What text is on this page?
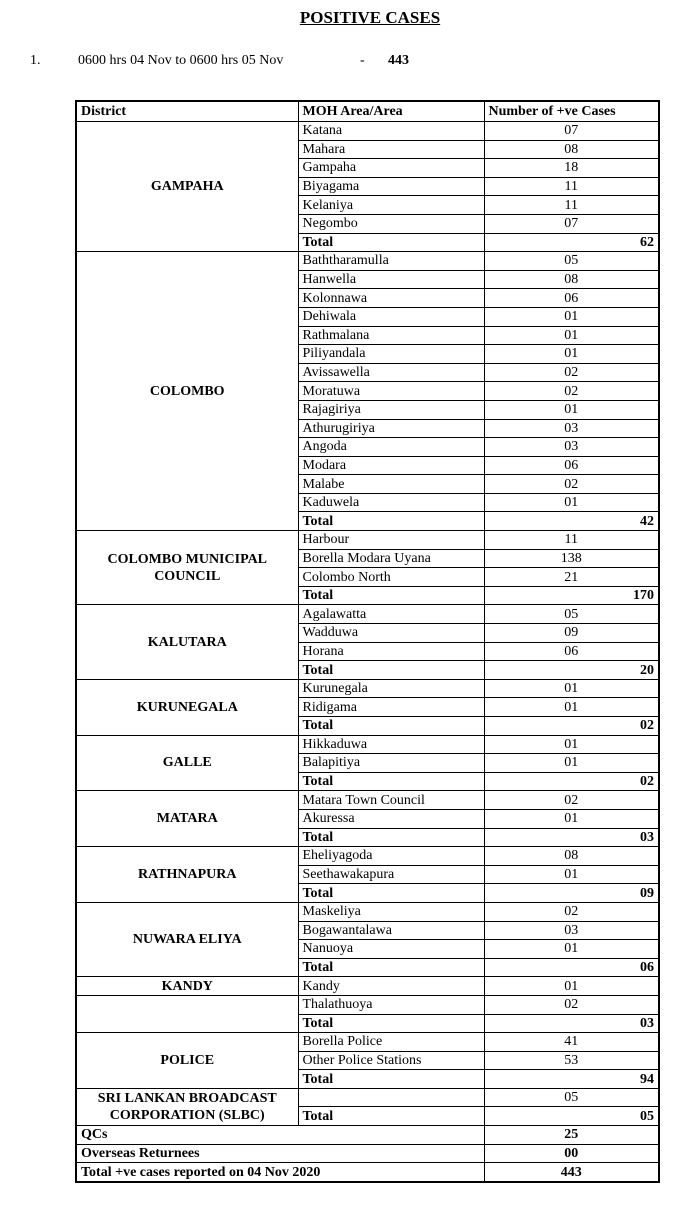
POSITIVE CASES
1.	0600 hrs 04 Nov to 0600 hrs 05 Nov	- 443
District	MOH Area/Area	Number of +ve Cases
GAMPAHA	Katana	07
	Mahara	08
	Gampaha	18
	Biyagama	11
	Kelaniya	11
	Negombo	07
	Total	62
COLOMBO	Baththaramulla	05
	Hanwella	08
	Kolonnawa	06
	Dehiwala	01
	Rathmalana	01
	Piliyandala	01
	Avissawella	02
	Moratuwa	02
	Rajagiriya	01
	Athurugiriya	03
	Angoda	03
	Modara	06
	Malabe	02
	Kaduwela	01
	Total	42
COLOMBO MUNICIPAL COUNCIL	Harbour	11
	Borella Modara Uyana	138
	Colombo North	21
	Total	170
KALUTARA	Agalawatta	05
	Wadduwa	09
	Horana	06
	Total	20
KURUNEGALA	Kurunegala	01
	Ridigama	01
	Total	02
GALLE	Hikkaduwa	01
	Balapitiya	01
	Total	02
MATARA	Matara Town Council	02
	Akuressa	01
	Total	03
RATHNAPURA	Eheliyagoda	08
	Seethawakapura	01
	Total	09
NUWARA ELIYA	Maskeliya	02
	Bogawantalawa	03
	Nanuoya	01
	Total	06
KANDY	Kandy	01
	Thalathuoya	02
	Total	03
POLICE	Borella Police	41
	Other Police Stations	53
	Total	94
SRI LANKAN BROADCAST CORPORATION (SLBC)		05
	Total	05
QCs		25
Overseas Returnees		00
Total +ve cases reported on 04 Nov 2020		443
